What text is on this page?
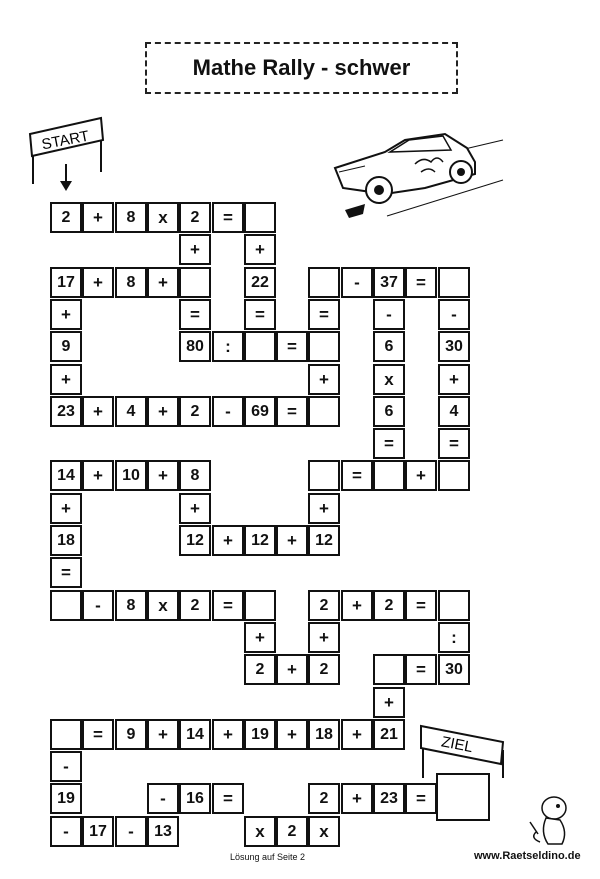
Mathe Rally - schwer
START
2	+	8	x	2	=
+	+
17	+	8	+	22	-	37	=
+	=	=	=	-	-
9	80	:	=	6	30
+	+	x	+
23	+	4	+	2	-	69	=	6	4
=	=
14	+	10	+	8	=	+
+	+	+
18	12	+	12	+	12
=
-	8	x	2	=	2	+	2	=
+	+	:
2	+	2	=	30
+
=	9	+	14	+	19	+	18	+	21
-
19	-	16	=	2	+	23	=
-	17	-	13	x	2	x
ZIEL
Lösung auf Seite 2	www.Raetseldino.de
